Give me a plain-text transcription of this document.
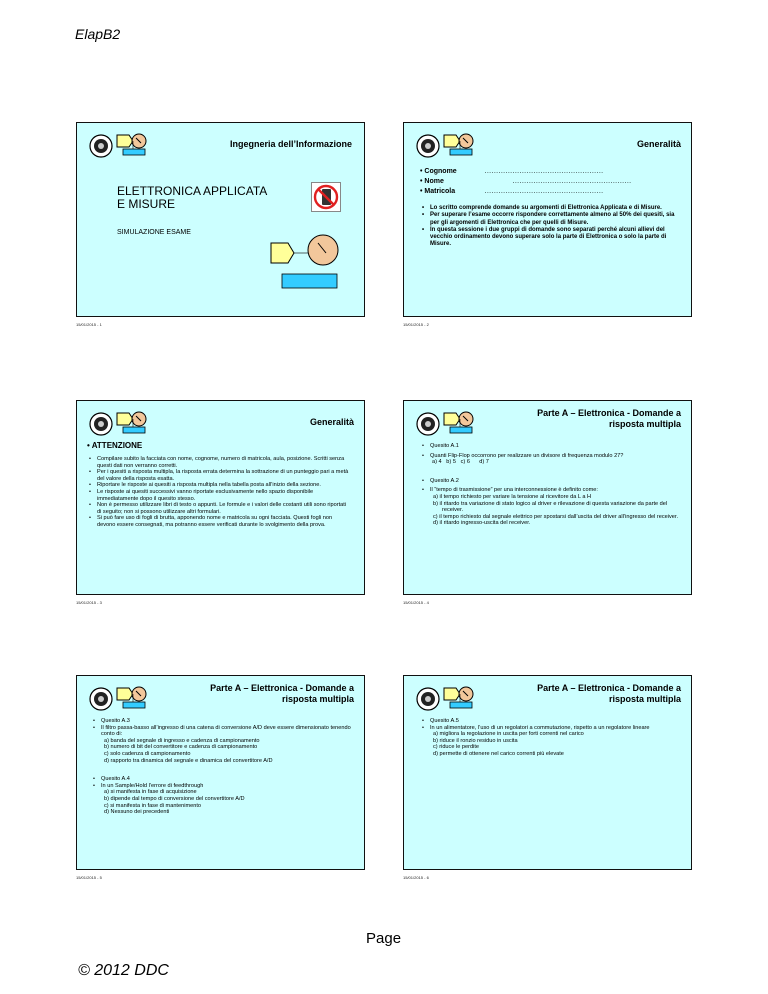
ElapB2
Ingegneria dell’Informazione
ELETTRONICA APPLICATA
E MISURE
SIMULAZIONE ESAME
15/01/2015 - 1
Generalità
• Cognome	……………………………………………
• Nome	……………………………………………
• Matricola	……………………………………………
• Lo scritto comprende domande su argomenti di Elettronica Applicata e di Misure.
• Per superare l’esame occorre rispondere correttamente almeno al 50% dei quesiti, sia per gli argomenti di Elettronica che per quelli di Misure.
• In questa sessione i due gruppi di domande sono separati perché alcuni allievi del vecchio ordinamento devono superare solo la parte di Elettronica o solo la parte di Misure.
15/01/2015 - 2
Generalità
• ATTENZIONE
• Compilare subito la facciata con nome, cognome, numero di matricola, aula, posizione. Scritti senza questi dati non verranno corretti.
• Per i quesiti a risposta multipla, la risposta errata determina la sottrazione di un punteggio pari a metà del valore della risposta esatta.
• Riportare le risposte ai quesiti a risposta multipla nella tabella posta all’inizio della sezione.
• Le risposte ai quesiti successivi vanno riportate esclusivamente nello spazio disponibile immediatamente dopo il quesito stesso.
• Non è permesso utilizzare libri di testo o appunti. Le formule e i valori delle costanti utili sono riportati di seguito; non si possono utilizzare altri formulari.
• Si può fare uso di fogli di brutta, apponendo nome e matricola su ogni facciata. Questi fogli non devono essere consegnati, ma potranno essere verificati durante lo svolgimento della prova.
15/01/2015 - 3
Parte A – Elettronica - Domande a
risposta multipla
• Quesito A.1
• Quanti Flip-Flop occorrono per realizzare un divisore di frequenza modulo 27?
a) 4   b) 5   c) 6      d) 7
• Quesito A.2
• Il “tempo di trasmissione” per una interconnessione è definito come:
a) il tempo richiesto per variare la tensione al ricevitore da L a H
b) il ritardo tra variazione di stato logico al driver e rilevazione di questa variazione da parte del receiver.
c) il tempo richiesto dal segnale elettrico per spostarsi dall’uscita del driver all’ingresso del receiver.
d) il ritardo ingresso-uscita del receiver.
15/01/2015 - 4
Parte A – Elettronica - Domande a
risposta multipla
• Quesito A.3
• Il filtro passa-basso all’ingresso di una catena di conversione A/D deve essere dimensionato tenendo conto di:
a) banda del segnale di ingresso e cadenza di campionamento
b) numero di bit del convertitore e cadenza di campionamento
c) solo cadenza di campionamento
d) rapporto tra dinamica del segnale e dinamica del convertitore A/D
• Quesito A.4
• In un Sample/Hold l’errore di feedthrough
a) si manifesta in fase di acquisizione
b) dipende dal tempo di conversione del convertitore A/D
c) si manifesta in fase di mantenimento
d) Nessuno dei precedenti
15/01/2015 - 5
Parte A – Elettronica - Domande a
risposta multipla
• Quesito A.5
• In un alimentatore, l’uso di un regolatori a commutazione, rispetto a un regolatore lineare
a) migliora la regolazione in uscita per forti correnti nel carico
b) riduce il ronzio residuo in uscita
c) riduce le perdite
d) permette di ottenere nel carico correnti più elevate
15/01/2015 - 6
Page
© 2012 DDC
